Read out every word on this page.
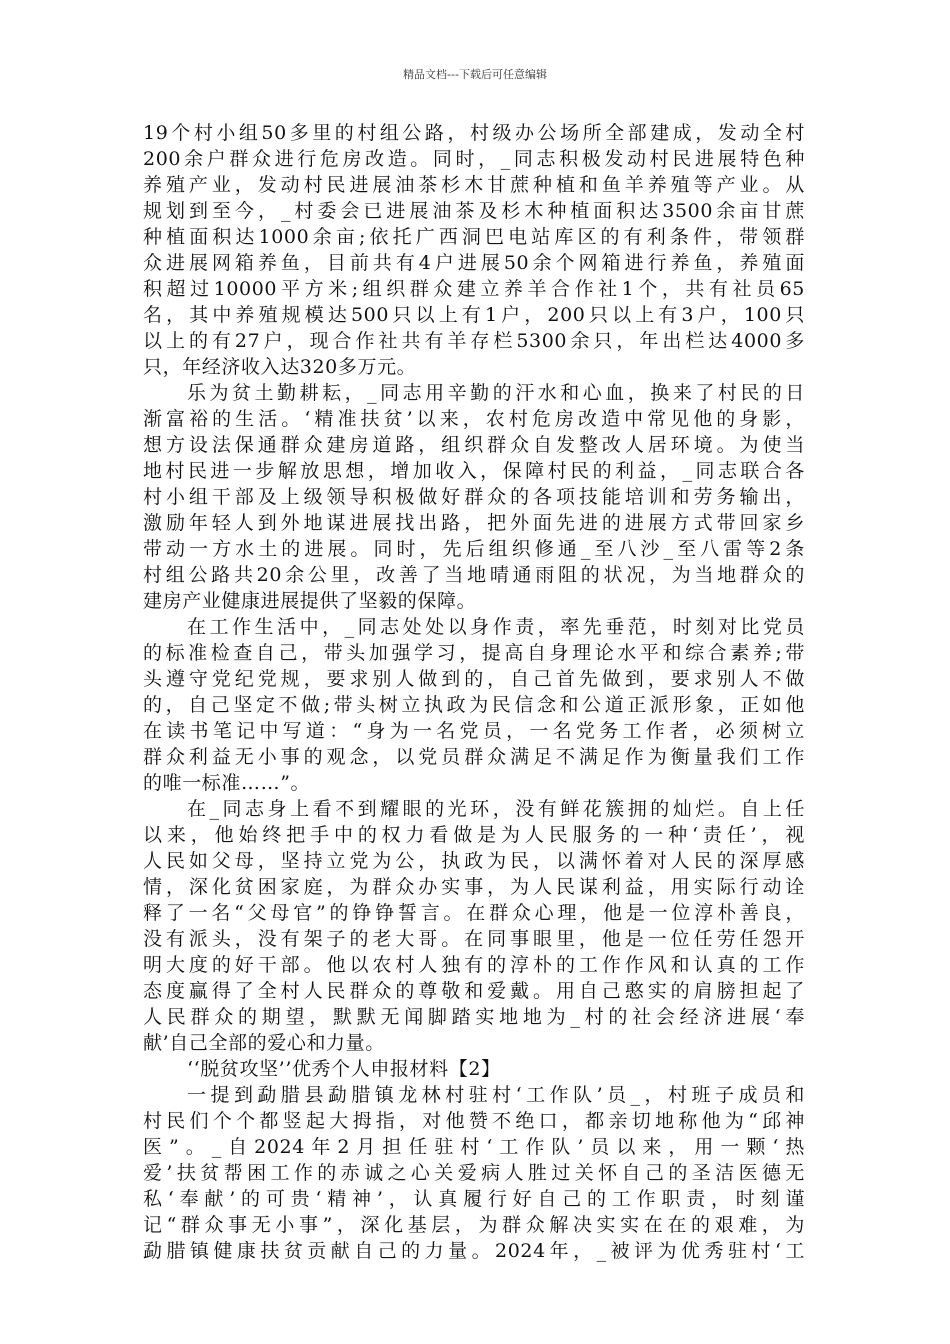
精品文档---下载后可任意编辑
19个村小组50多里的村组公路，村级办公场所全部建成，发动全村
200余户群众进行危房改造。同时，_同志积极发动村民进展特色种
养殖产业，发动村民进展油茶杉木甘蔗种植和鱼羊养殖等产业。从
规划到至今，_村委会已进展油茶及杉木种植面积达3500余亩甘蔗
种植面积达1000余亩;依托广西洞巴电站库区的有利条件，带领群
众进展网箱养鱼，目前共有4户进展50余个网箱进行养鱼，养殖面
积超过10000平方米;组织群众建立养羊合作社1个，共有社员65
名，其中养殖规模达500只以上有1户，200只以上有3户，100只
以上的有27户，现合作社共有羊存栏5300余只，年出栏达4000多
只，年经济收入达320多万元。
乐为贫土勤耕耘，_同志用辛勤的汗水和心血，换来了村民的日
渐富裕的生活。‘精准扶贫’以来，农村危房改造中常见他的身影，
想方设法保通群众建房道路，组织群众自发整改人居环境。为使当
地村民进一步解放思想，增加收入，保障村民的利益，_同志联合各
村小组干部及上级领导积极做好群众的各项技能培训和劳务输出，
激励年轻人到外地谋进展找出路，把外面先进的进展方式带回家乡
带动一方水土的进展。同时，先后组织修通_至八沙_至八雷等2条
村组公路共20余公里，改善了当地晴通雨阻的状况，为当地群众的
建房产业健康进展提供了坚毅的保障。
在工作生活中，_同志处处以身作责，率先垂范，时刻对比党员
的标准检查自己，带头加强学习，提高自身理论水平和综合素养;带
头遵守党纪党规，要求别人做到的，自己首先做到，要求别人不做
的，自己坚定不做;带头树立执政为民信念和公道正派形象，正如他
在读书笔记中写道：“身为一名党员，一名党务工作者，必须树立
群众利益无小事的观念，以党员群众满足不满足作为衡量我们工作
的唯一标准……”。
在_同志身上看不到耀眼的光环，没有鲜花簇拥的灿烂。自上任
以来，他始终把手中的权力看做是为人民服务的一种‘责任’，视
人民如父母，坚持立党为公，执政为民，以满怀着对人民的深厚感
情，深化贫困家庭，为群众办实事，为人民谋利益，用实际行动诠
释了一名“父母官”的铮铮誓言。在群众心理，他是一位淳朴善良，
没有派头，没有架子的老大哥。在同事眼里，他是一位任劳任怨开
明大度的好干部。他以农村人独有的淳朴的工作作风和认真的工作
态度赢得了全村人民群众的尊敬和爱戴。用自己憨实的肩膀担起了
人民群众的期望，默默无闻脚踏实地地为_村的社会经济进展‘奉
献’自己全部的爱心和力量。
‘‘脱贫攻坚’’优秀个人申报材料【2】
一提到勐腊县勐腊镇龙林村驻村‘工作队’员_，村班子成员和
村民们个个都竖起大拇指，对他赞不绝口，都亲切地称他为“邱神
医”。_自2024年2月担任驻村‘工作队’员以来，用一颗‘热
爱’扶贫帮困工作的赤诚之心关爱病人胜过关怀自己的圣洁医德无
私‘奉献’的可贵‘精神’，认真履行好自己的工作职责，时刻谨
记“群众事无小事”，深化基层，为群众解决实实在在的艰难，为
勐腊镇健康扶贫贡献自己的力量。2024年，_被评为优秀驻村‘工
